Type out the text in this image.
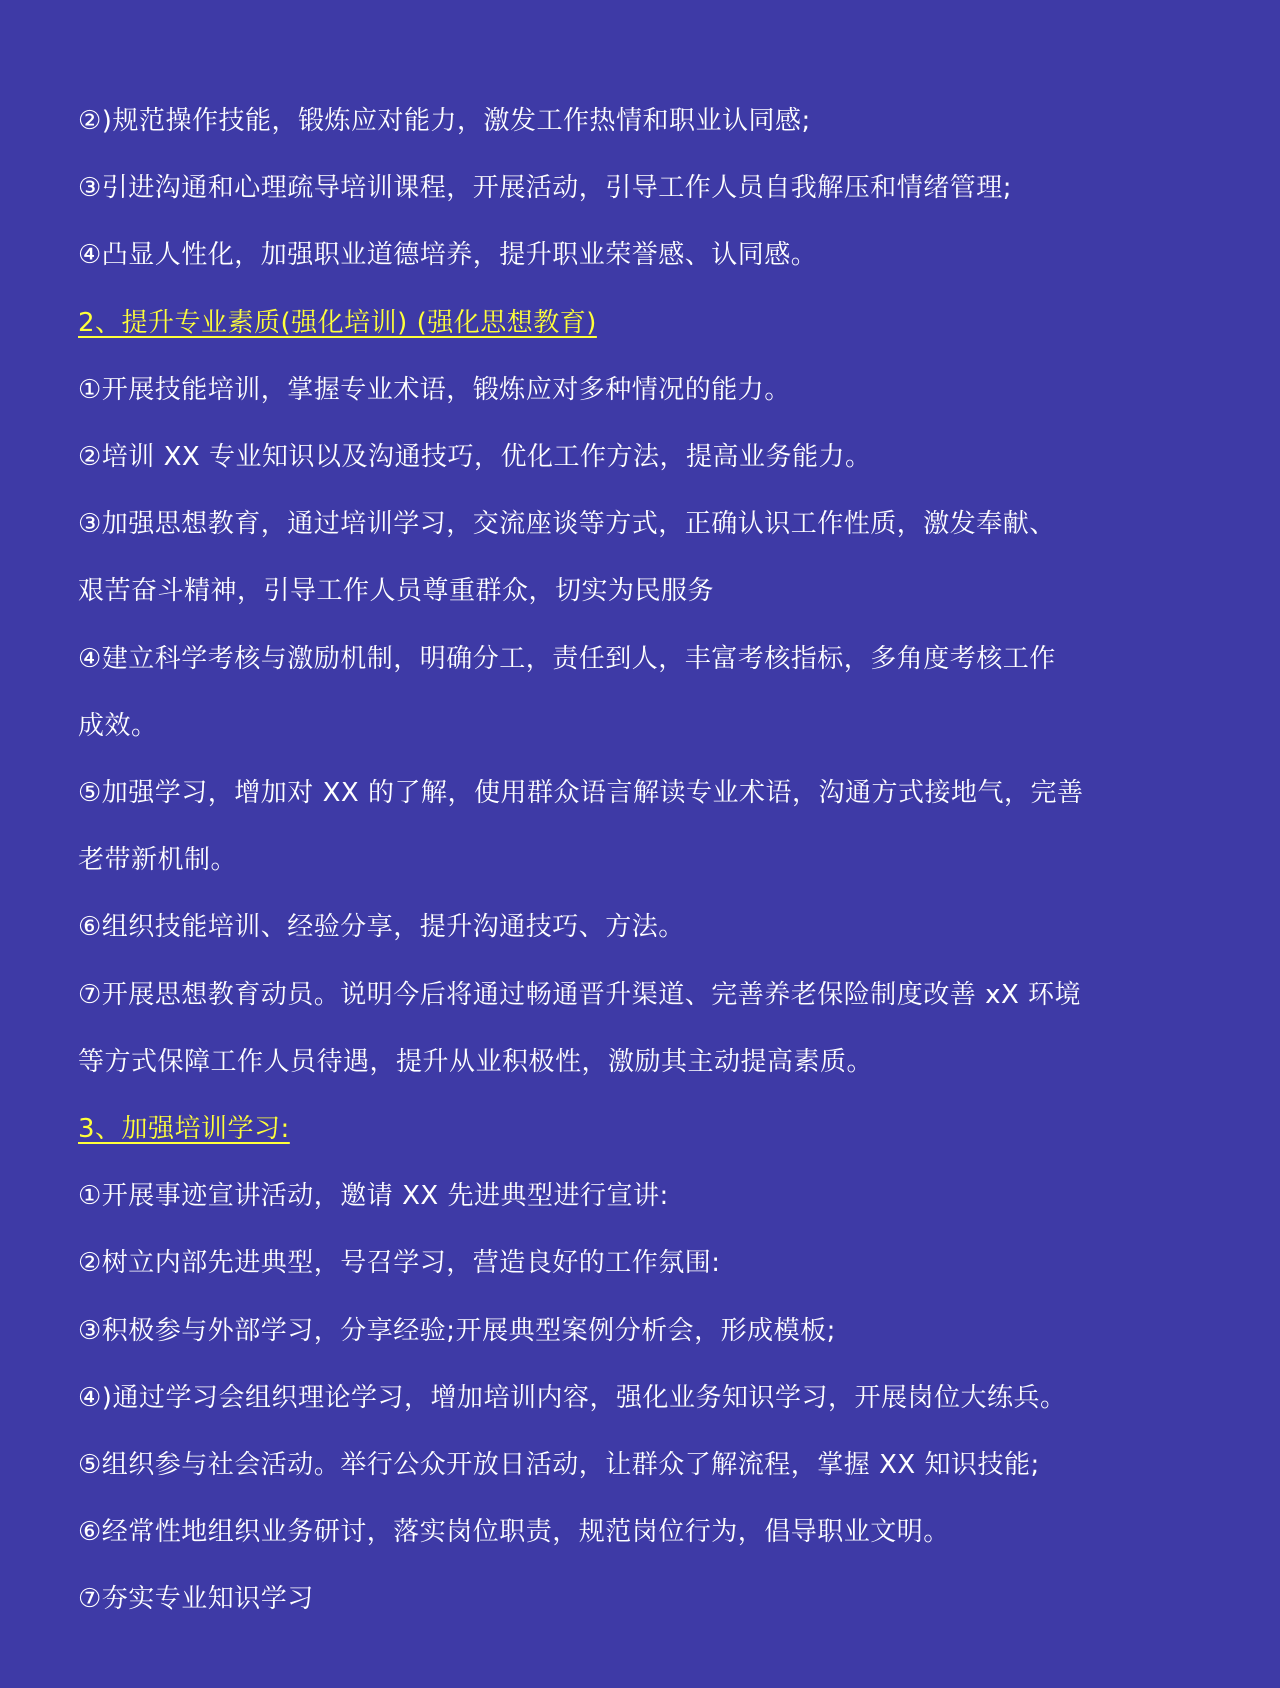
②)规范操作技能，锻炼应对能力，激发工作热情和职业认同感;
③引进沟通和心理疏导培训课程，开展活动，引导工作人员自我解压和情绪管理;
④凸显人性化，加强职业道德培养，提升职业荣誉感、认同感。
2、提升专业素质(强化培训) (强化思想教育)
①开展技能培训，掌握专业术语，锻炼应对多种情况的能力。
②培训 XX 专业知识以及沟通技巧，优化工作方法，提高业务能力。
③加强思想教育，通过培训学习，交流座谈等方式，正确认识工作性质，激发奉献、
艰苦奋斗精神，引导工作人员尊重群众，切实为民服务
④建立科学考核与激励机制，明确分工，责任到人，丰富考核指标，多角度考核工作
成效。
⑤加强学习，增加对 XX 的了解，使用群众语言解读专业术语，沟通方式接地气，完善
老带新机制。
⑥组织技能培训、经验分享，提升沟通技巧、方法。
⑦开展思想教育动员。说明今后将通过畅通晋升渠道、完善养老保险制度改善 xX 环境
等方式保障工作人员待遇，提升从业积极性，激励其主动提高素质。
3、加强培训学习:
①开展事迹宣讲活动，邀请 XX 先进典型进行宣讲:
②树立内部先进典型，号召学习，营造良好的工作氛围:
③积极参与外部学习，分享经验;开展典型案例分析会，形成模板;
④)通过学习会组织理论学习，增加培训内容，强化业务知识学习，开展岗位大练兵。
⑤组织参与社会活动。举行公众开放日活动，让群众了解流程，掌握 XX 知识技能;
⑥经常性地组织业务研讨，落实岗位职责，规范岗位行为，倡导职业文明。
⑦夯实专业知识学习
